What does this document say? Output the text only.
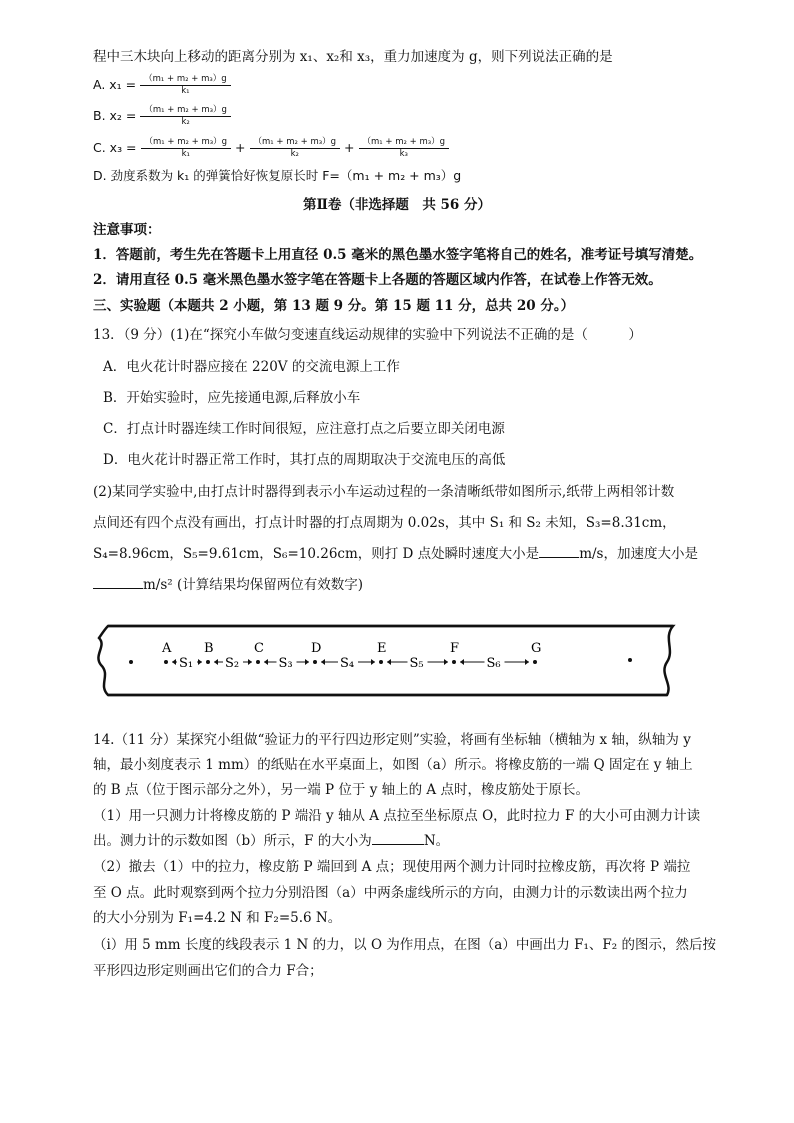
程中三木块向上移动的距离分别为 x₁、x₂和 x₃，重力加速度为 g，则下列说法正确的是
A. $x_1 = \frac{\text{（m₁ + m₂ + m₃）g}}{\text{k₁}}$
B. $x_2 = \frac{\text{（m₁ + m₂ + m₃）g}}{\text{k₂}}$
C. $x_3 = \frac{\text{（m₁ + m₂ + m₃）g}}{\text{k₁}} + \frac{\text{（m₁ + m₂ + m₃）g}}{\text{k₂}} + \frac{\text{（m₁ + m₂ + m₃）g}}{\text{k₃}}$
D. 劲度系数为 k₁ 的弹簧恰好恢复原长时 F=（m₁ + m₂ + m₃）g
第Ⅱ卷（非选择题　共 56 分）
注意事项：
1．答题前，考生先在答题卡上用直径 0.5 毫米的黑色墨水签字笔将自己的姓名，准考证号填写清楚。
2．请用直径 0.5 毫米黑色墨水签字笔在答题卡上各题的答题区域内作答，在试卷上作答无效。
三、实验题（本题共 2 小题，第 13 题 9 分。第 15 题 11 分，总共 20 分。）
13．（9 分）(1)在“探究小车做匀变速直线运动规律的实验中下列说法不正确的是（　　　）
A．电火花计时器应接在 220V 的交流电源上工作
B．开始实验时，应先接通电源,后释放小车
C．打点计时器连续工作时间很短，应注意打点之后要立即关闭电源
D．电火花计时器正常工作时，其打点的周期取决于交流电压的高低
(2)某同学实验中,由打点计时器得到表示小车运动过程的一条清晰纸带如图所示,纸带上两相邻计数
点间还有四个点没有画出，打点计时器的打点周期为 0.02s，其中 S₁ 和 S₂ 未知，S₃=8.31cm，
S₄=8.96cm，S₅=9.61cm，S₆=10.26cm，则打 D 点处瞬时速度大小是	m/s，加速度大小是
m/s² (计算结果均保留两位有效数字)
A	B	C	D	E	F	G
S₁ S₂	S₃	S₄	S₅	S₆
14.（11 分）某探究小组做“验证力的平行四边形定则”实验，将画有坐标轴（横轴为 x 轴，纵轴为 y
轴，最小刻度表示 1 mm）的纸贴在水平桌面上，如图（a）所示。将橡皮筋的一端 Q 固定在 y 轴上
的 B 点（位于图示部分之外），另一端 P 位于 y 轴上的 A 点时，橡皮筋处于原长。
（1）用一只测力计将橡皮筋的 P 端沿 y 轴从 A 点拉至坐标原点 O，此时拉力 F 的大小可由测力计读
出。测力计的示数如图（b）所示，F 的大小为	N。
（2）撤去（1）中的拉力，橡皮筋 P 端回到 A 点；现使用两个测力计同时拉橡皮筋，再次将 P 端拉
至 O 点。此时观察到两个拉力分别沿图（a）中两条虚线所示的方向，由测力计的示数读出两个拉力
的大小分别为 F₁=4.2 N 和 F₂=5.6 N。
（i）用 5 mm 长度的线段表示 1 N 的力，以 O 为作用点，在图（a）中画出力 F₁、F₂ 的图示，然后按
平形四边形定则画出它们的合力 F合；
